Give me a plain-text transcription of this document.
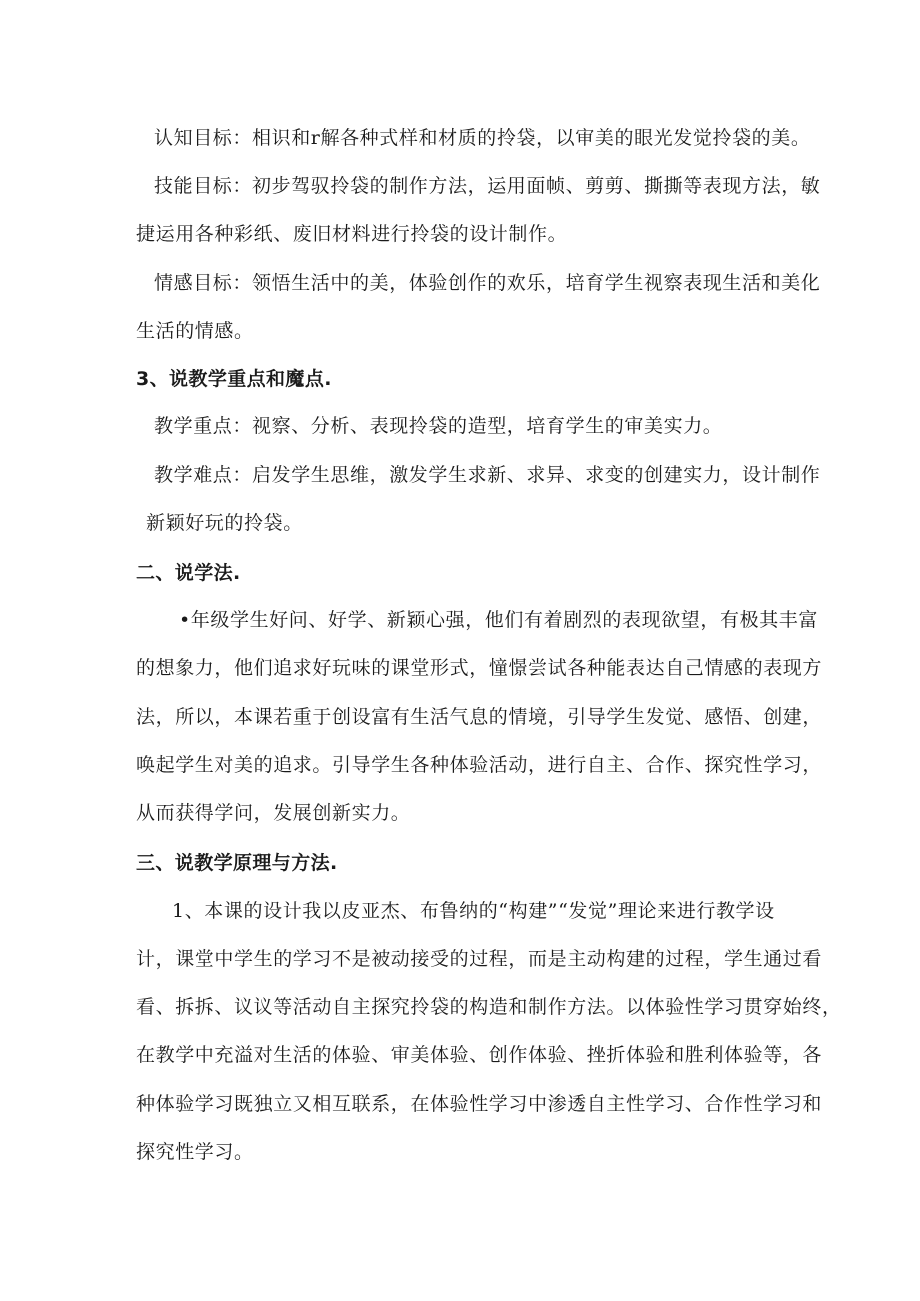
认知目标：相识和r解各种式样和材质的拎袋，以审美的眼光发觉拎袋的美。
技能目标：初步驾驭拎袋的制作方法，运用面帧、剪剪、撕撕等表现方法，敏
捷运用各种彩纸、废旧材料进行拎袋的设计制作。
情感目标：领悟生活中的美，体验创作的欢乐，培育学生视察表现生活和美化
生活的情感。
3、说教学重点和魔点.
教学重点：视察、分析、表现拎袋的造型，培育学生的审美实力。
教学难点：启发学生思维，激发学生求新、求异、求变的创建实力，设计制作
新颖好玩的拎袋。
二、说学法.
•年级学生好问、好学、新颖心强，他们有着剧烈的表现欲望，有极其丰富
的想象力，他们追求好玩味的课堂形式，憧憬尝试各种能表达自己情感的表现方
法，所以，本课若重于创设富有生活气息的情境，引导学生发觉、感悟、创建，
唤起学生对美的追求。引导学生各种体验活动，进行自主、合作、探究性学习，
从而获得学问，发展创新实力。
三、说教学原理与方法.
1、本课的设计我以皮亚杰、布鲁纳的“构建”“发觉”理论来进行教学设
计，课堂中学生的学习不是被动接受的过程，而是主动构建的过程，学生通过看
看、拆拆、议议等活动自主探究拎袋的构造和制作方法。以体验性学习贯穿始终，
在教学中充溢对生活的体验、审美体验、创作体验、挫折体验和胜利体验等，各
种体验学习既独立又相互联系，在体验性学习中渗透自主性学习、合作性学习和
探究性学习。
